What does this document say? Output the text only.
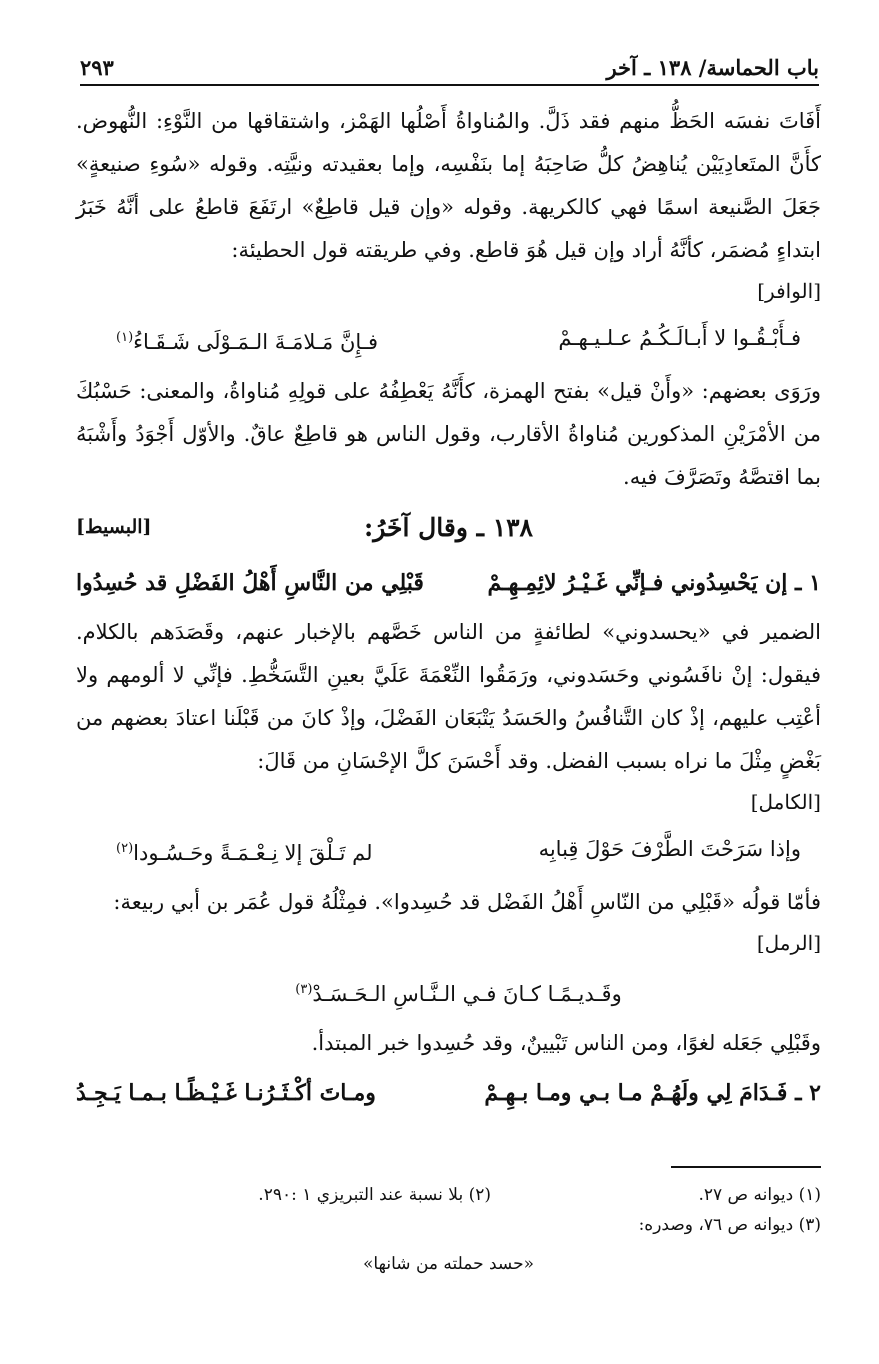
باب الحماسة/ ١٣٨ ـ آخر
٢٩٣

أَفَاتَ نفسَه الحَظُّ منهم فقد ذَلَّ. والمُناواةُ أَصْلُها الهَمْز، واشتقاقها من النَّوْءِ: النُّهوض. كأَنَّ المتَعادِيَيْن يُناهِضُ كلُّ صَاحِبَهُ إما بنَفْسِه، وإما بعقيدته ونيَّتِه. وقوله «سُوءِ صنيعةٍ» جَعَلَ الصَّنيعة اسمًا فهي كالكريهة. وقوله «وإن قيل قاطِعٌ» ارتَفَعَ قاطعُ على أنَّهُ خَبَرُ ابتداءٍ مُضمَر، كأنَّهُ أراد وإن قيل هُوَ قاطع. وفي طريقته قول الحطيئة:

[الوافر]
فـأَبْـقُـوا لا أَبـالَـكُـمُ عـلـيـهـمْ
فـإِنَّ مَـلامَـةَ الـمَـوْلَى شَـقَـاءُ$^{(١)}$

ورَوَى بعضهم: «وأَنْ قيل» بفتح الهمزة، كأَنَّهُ يَعْطِفُهُ على قولِهِ مُناواةُ، والمعنى: حَسْبُكَ من الأمْرَيْنِ المذكورين مُناواةُ الأقارب، وقول الناس هو قاطِعٌ عاقٌ. والأوّل أَجْوَدُ وأَشْبَهُ بما اقتصَّهُ وتَصَرَّفَ فيه.

١٣٨ ـ وقال آخَرُ:
[البسيط]
١ ـ إن يَحْسِدُوني فـإنِّي غَـيْـرُ لائِمِـهِـمْ
قَبْلِي من النَّاسِ أَهْلُ الفَضْلِ قد حُسِدُوا

الضمير في «يحسدوني» لطائفةٍ من الناس خَصَّهم بالإخبار عنهم، وقَصَدَهم بالكلام. فيقول: إنْ نافَسُوني وحَسَدوني، ورَمَقُوا النِّعْمَةَ عَلَيَّ بعينِ التَّسَخُّطِ. فإنِّي لا ألومهم ولا أعْتِب عليهم، إذْ كان التَّنافُسُ والحَسَدُ يَتْبَعَان الفَضْلَ، وإذْ كانَ من قَبْلَنا اعتادَ بعضهم من بَغْضٍ مِثْلَ ما نراه بسبب الفضل. وقد أَحْسَنَ كلَّ الإحْسَانِ من قَالَ:

[الكامل]
وإذا سَرَحْتَ الطَّرْفَ حَوْلَ قِبابِه
لم تَـلْقَ إلا نِـعْـمَـةً وحَـسُـودا$^{(٢)}$

فأمّا قولُه «قَبْلِي من النّاسِ أَهْلُ الفَضْل قد حُسِدوا». فمِثْلُهُ قول عُمَر بن أبي ربيعة:

[الرمل]
وقَـديـمًـا كـانَ فـي الـنَّـاسِ الـحَـسَـدْ$^{(٣)}$

وقَبْلِي جَعَله لغوًا، ومن الناس تَبْيينٌ، وقد حُسِدوا خبر المبتدأ.

٢ ـ فَـدَامَ لِي ولَهُـمْ مـا بـي ومـا بـهِـمْ
ومـاتَ أكْـثَـرُنـا غَـيْـظًـا بـمـا يَـجِـدُ
(١) ديوانه ص ٢٧.
(٢) بلا نسبة عند التبريزي ١ :٢٩٠.
(٣) ديوانه ص ٧٦، وصدره:
«حسد حملته من شانها»
